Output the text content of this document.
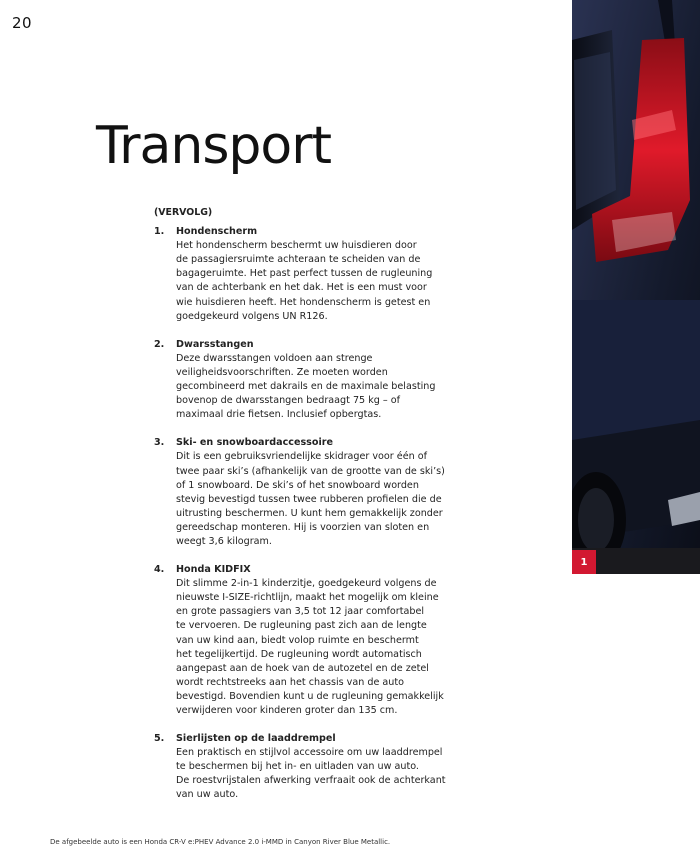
20
Transport
(VERVOLG)
1.	Hondenscherm
Het hondenscherm beschermt uw huisdieren door
de passagiersruimte achteraan te scheiden van de
bagageruimte. Het past perfect tussen de rugleuning
van de achterbank en het dak. Het is een must voor
wie huisdieren heeft. Het hondenscherm is getest en
goedgekeurd volgens UN R126.
2.	Dwarsstangen
Deze dwarsstangen voldoen aan strenge
veiligheidsvoorschriften. Ze moeten worden
gecombineerd met dakrails en de maximale belasting
bovenop de dwarsstangen bedraagt 75 kg – of
maximaal drie fietsen. Inclusief opbergtas.
3.	Ski- en snowboardaccessoire
Dit is een gebruiksvriendelijke skidrager voor één of
twee paar ski’s (afhankelijk van de grootte van de ski’s)
of 1 snowboard. De ski’s of het snowboard worden
stevig bevestigd tussen twee rubberen profielen die de
uitrusting beschermen. U kunt hem gemakkelijk zonder
gereedschap monteren. Hij is voorzien van sloten en
weegt 3,6 kilogram.
4.	Honda KIDFIX
Dit slimme 2-in-1 kinderzitje, goedgekeurd volgens de
nieuwste I-SIZE-richtlijn, maakt het mogelijk om kleine
en grote passagiers van 3,5 tot 12 jaar comfortabel
te vervoeren. De rugleuning past zich aan de lengte
van uw kind aan, biedt volop ruimte en beschermt
het tegelijkertijd. De rugleuning wordt automatisch
aangepast aan de hoek van de autozetel en de zetel
wordt rechtstreeks aan het chassis van de auto
bevestigd. Bovendien kunt u de rugleuning gemakkelijk
verwijderen voor kinderen groter dan 135 cm.
5.	Sierlijsten op de laaddrempel
Een praktisch en stijlvol accessoire om uw laaddrempel
te beschermen bij het in- en uitladen van uw auto.
De roestvrijstalen afwerking verfraait ook de achterkant
van uw auto.
1
De afgebeelde auto is een Honda CR-V e:PHEV Advance 2.0 i-MMD in Canyon River Blue Metallic.
